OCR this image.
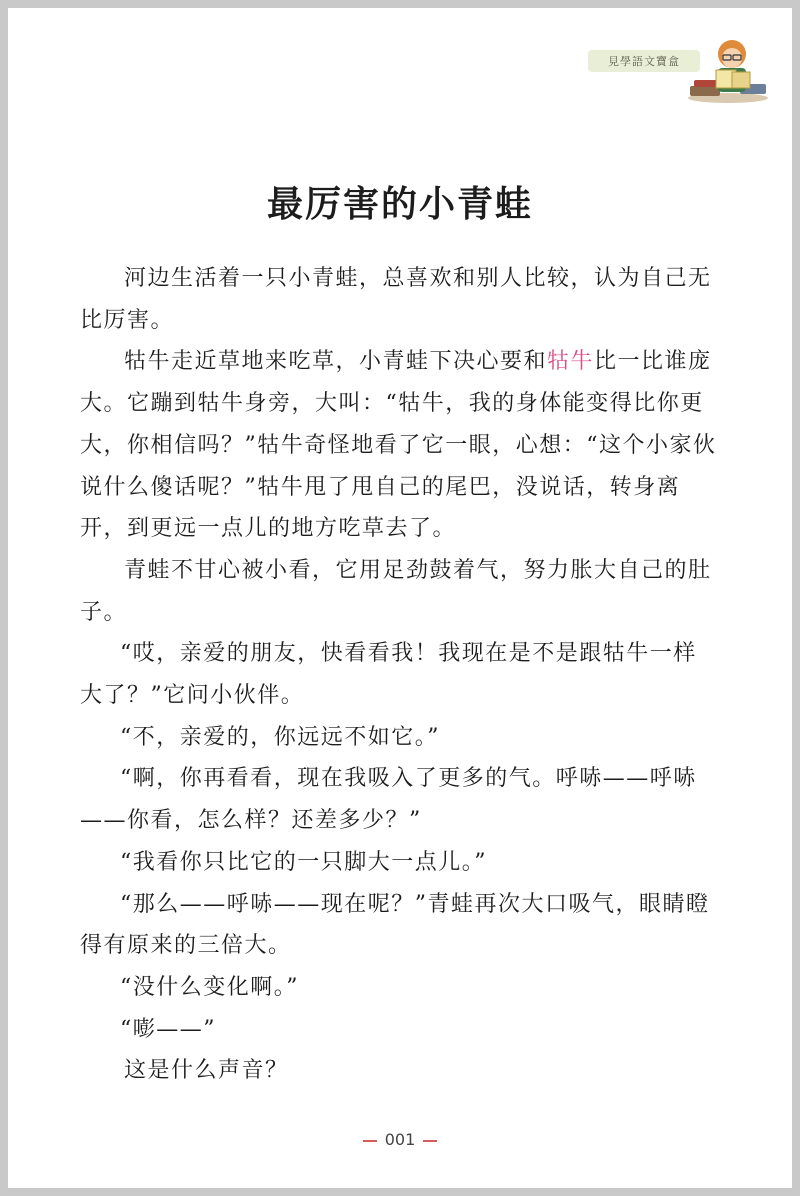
見學語文寶盒
最厉害的小青蛙

河边生活着一只小青蛙，总喜欢和别人比较，认为自己无比厉害。

牯牛走近草地来吃草，小青蛙下决心要和牯牛比一比谁庞大。它蹦到牯牛身旁，大叫：“牯牛，我的身体能变得比你更大，你相信吗？”牯牛奇怪地看了它一眼，心想：“这个小家伙说什么傻话呢？”牯牛甩了甩自己的尾巴，没说话，转身离开，到更远一点儿的地方吃草去了。

青蛙不甘心被小看，它用足劲鼓着气，努力胀大自己的肚子。

“哎，亲爱的朋友，快看看我！我现在是不是跟牯牛一样大了？”它问小伙伴。

“不，亲爱的，你远远不如它。”

“啊，你再看看，现在我吸入了更多的气。呼哧——呼哧——你看，怎么样？还差多少？”

“我看你只比它的一只脚大一点儿。”

“那么——呼哧——现在呢？”青蛙再次大口吸气，眼睛瞪得有原来的三倍大。

“没什么变化啊。”

“嘭——”

这是什么声音？

001
